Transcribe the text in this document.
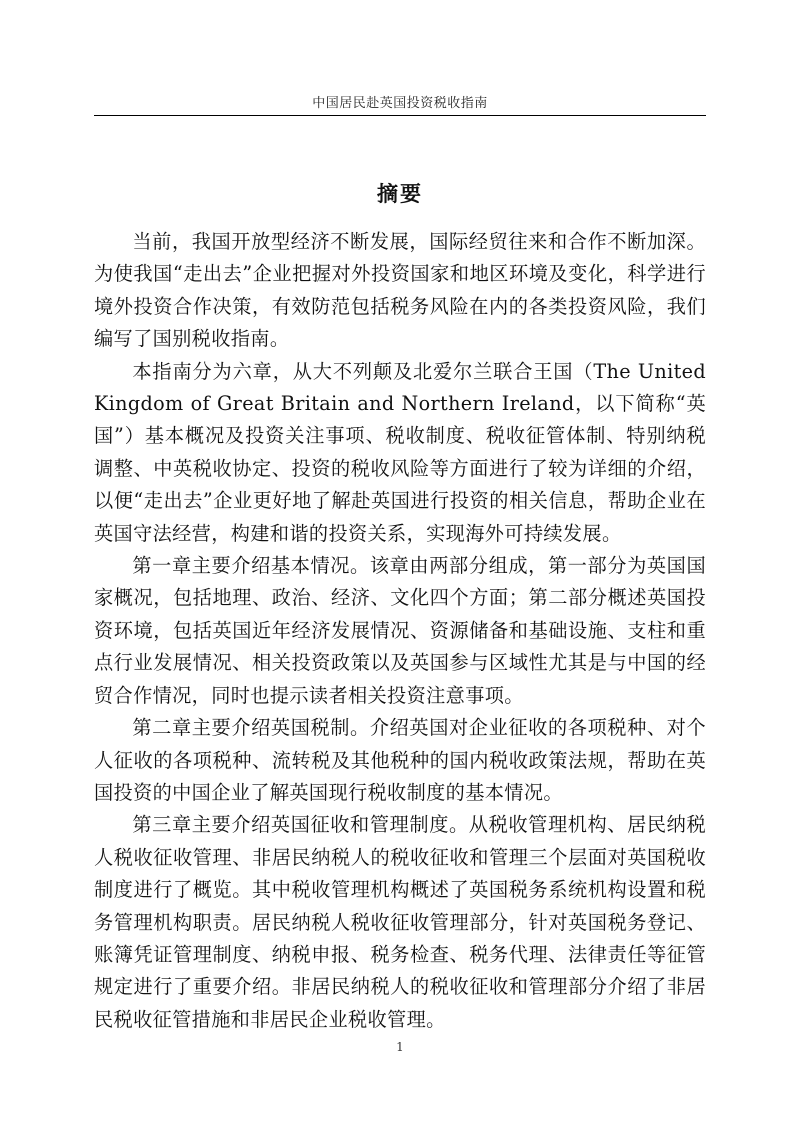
中国居民赴英国投资税收指南
摘要

当前，我国开放型经济不断发展，国际经贸往来和合作不断加深。为使我国“走出去”企业把握对外投资国家和地区环境及变化，科学进行境外投资合作决策，有效防范包括税务风险在内的各类投资风险，我们编写了国别税收指南。

本指南分为六章，从大不列颠及北爱尔兰联合王国（The United Kingdom of Great Britain and Northern Ireland，以下简称“英国”）基本概况及投资关注事项、税收制度、税收征管体制、特别纳税调整、中英税收协定、投资的税收风险等方面进行了较为详细的介绍，以便“走出去”企业更好地了解赴英国进行投资的相关信息，帮助企业在英国守法经营，构建和谐的投资关系，实现海外可持续发展。

第一章主要介绍基本情况。该章由两部分组成，第一部分为英国国家概况，包括地理、政治、经济、文化四个方面；第二部分概述英国投资环境，包括英国近年经济发展情况、资源储备和基础设施、支柱和重点行业发展情况、相关投资政策以及英国参与区域性尤其是与中国的经贸合作情况，同时也提示读者相关投资注意事项。

第二章主要介绍英国税制。介绍英国对企业征收的各项税种、对个人征收的各项税种、流转税及其他税种的国内税收政策法规，帮助在英国投资的中国企业了解英国现行税收制度的基本情况。

第三章主要介绍英国征收和管理制度。从税收管理机构、居民纳税人税收征收管理、非居民纳税人的税收征收和管理三个层面对英国税收制度进行了概览。其中税收管理机构概述了英国税务系统机构设置和税务管理机构职责。居民纳税人税收征收管理部分，针对英国税务登记、账簿凭证管理制度、纳税申报、税务检查、税务代理、法律责任等征管规定进行了重要介绍。非居民纳税人的税收征收和管理部分介绍了非居民税收征管措施和非居民企业税收管理。

1
